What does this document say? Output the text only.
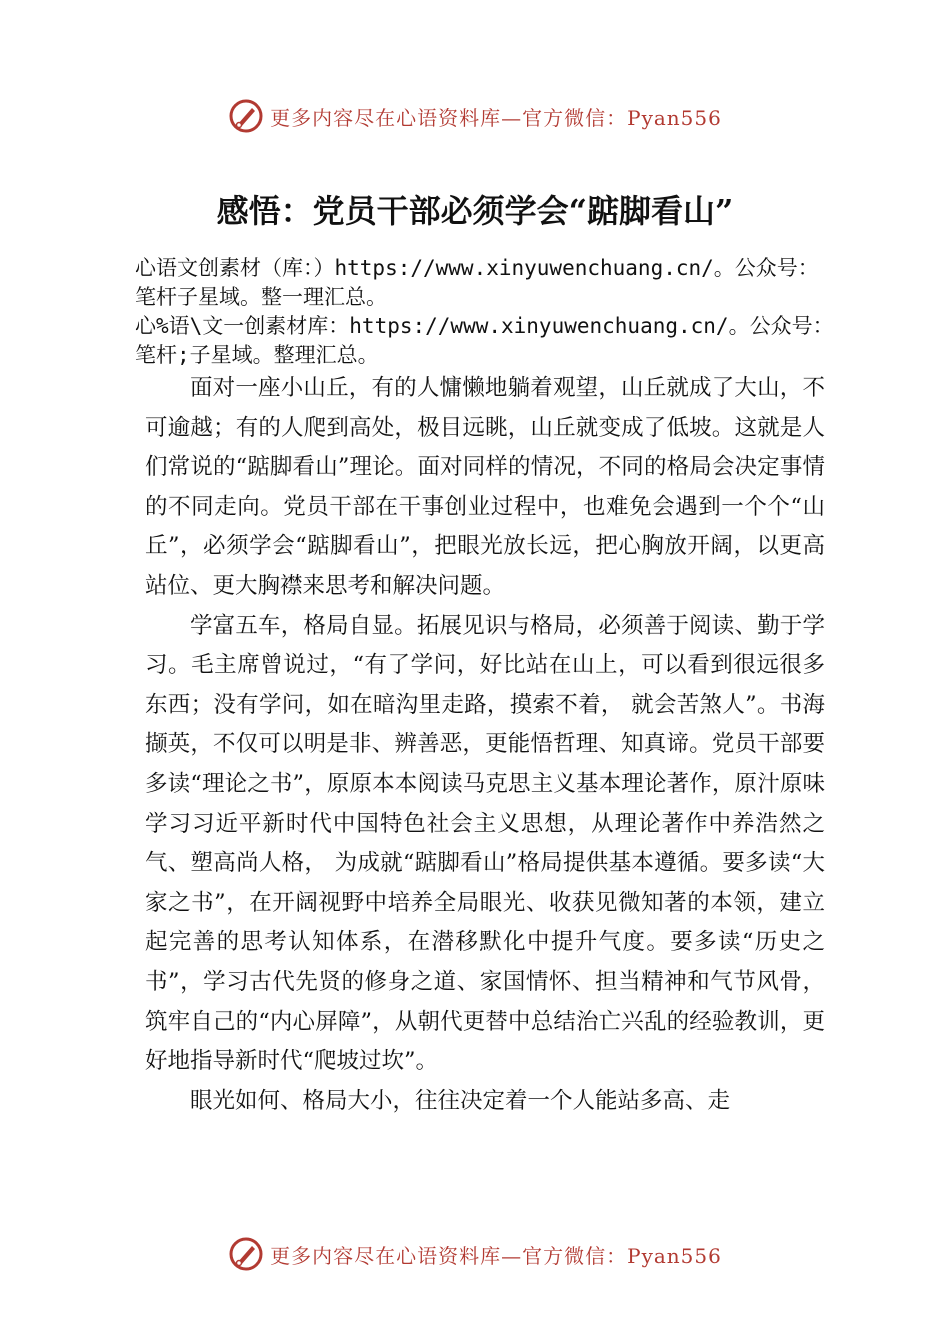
更多内容尽在心语资料库—官方微信：Pyan556
感悟：党员干部必须学会“踮脚看山”
心语文创素材（库：）https://www.xinyuwenchuang.cn/。公众号：笔杆子星域。整一理汇总。
心%语\文一创素材库：https://www.xinyuwenchuang.cn/。公众号：笔杆;子星域。整理汇总。

面对一座小山丘，有的人慵懒地躺着观望，山丘就成了大山，不可逾越；有的人爬到高处，极目远眺，山丘就变成了低坡。这就是人们常说的“踮脚看山”理论。面对同样的情况，不同的格局会决定事情的不同走向。党员干部在干事创业过程中，也难免会遇到一个个“山丘”，必须学会“踮脚看山”，把眼光放长远，把心胸放开阔，以更高站位、更大胸襟来思考和解决问题。

学富五车，格局自显。拓展见识与格局，必须善于阅读、勤于学习。毛主席曾说过，“有了学问，好比站在山上，可以看到很远很多东西；没有学问，如在暗沟里走路，摸索不着， 就会苦煞人”。书海撷英，不仅可以明是非、辨善恶，更能悟哲理、知真谛。党员干部要多读“理论之书”，原原本本阅读马克思主义基本理论著作，原汁原味学习习近平新时代中国特色社会主义思想，从理论著作中养浩然之气、塑高尚人格， 为成就“踮脚看山”格局提供基本遵循。要多读“大家之书”，在开阔视野中培养全局眼光、收获见微知著的本领，建立起完善的思考认知体系，在潜移默化中提升气度。要多读“历史之书”，学习古代先贤的修身之道、家国情怀、担当精神和气节风骨，筑牢自己的“内心屏障”，从朝代更替中总结治亡兴乱的经验教训，更好地指导新时代“爬坡过坎”。

眼光如何、格局大小，往往决定着一个人能站多高、走

更多内容尽在心语资料库—官方微信：Pyan556
